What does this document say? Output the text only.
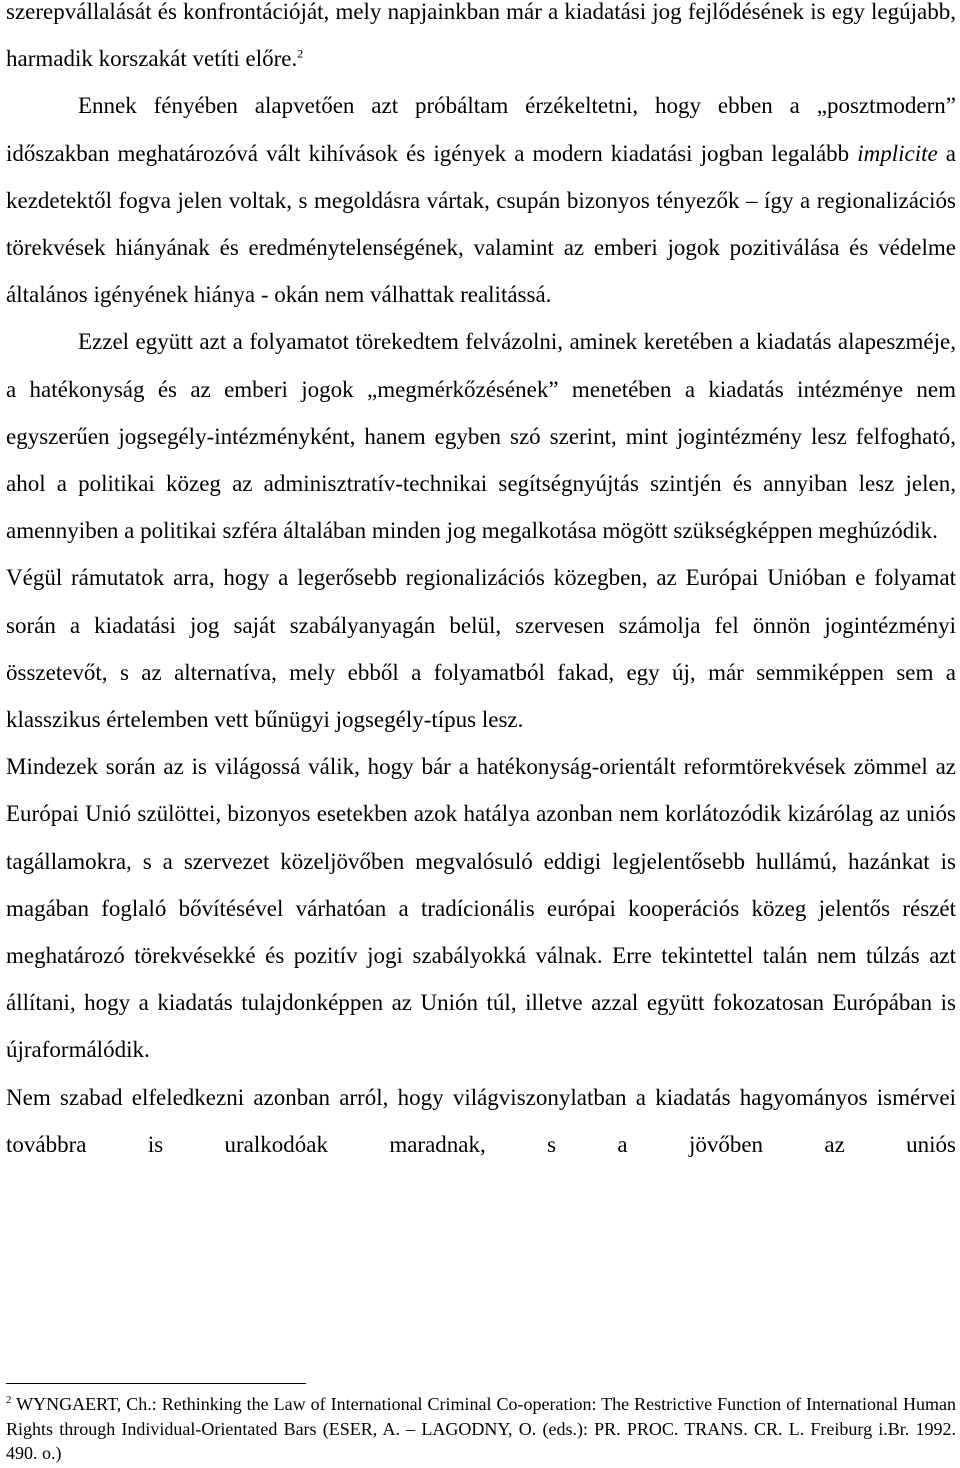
szerepvállalását és konfrontációját, mely napjainkban már a kiadatási jog fejlődésének is egy legújabb, harmadik korszakát vetíti előre.$^2$

Ennek fényében alapvetően azt próbáltam érzékeltetni, hogy ebben a „posztmodern” időszakban meghatározóvá vált kihívások és igények a modern kiadatási jogban legalább implicite a kezdetektől fogva jelen voltak, s megoldásra vártak, csupán bizonyos tényezők – így a regionalizációs törekvések hiányának és eredménytelenségének, valamint az emberi jogok pozitiválása és védelme általános igényének hiánya - okán nem válhattak realitássá.

Ezzel együtt azt a folyamatot törekedtem felvázolni, aminek keretében a kiadatás alapeszméje, a hatékonyság és az emberi jogok „megmérkőzésének” menetében a kiadatás intézménye nem egyszerűen jogsegély-intézményként, hanem egyben szó szerint, mint jogintézmény lesz felfogható, ahol a politikai közeg az adminisztratív-technikai segítségnyújtás szintjén és annyiban lesz jelen, amennyiben a politikai szféra általában minden jog megalkotása mögött szükségképpen meghúzódik.

Végül rámutatok arra, hogy a legerősebb regionalizációs közegben, az Európai Unióban e folyamat során a kiadatási jog saját szabályanyagán belül, szervesen számolja fel önnön jogintézményi összetevőt, s az alternatíva, mely ebből a folyamatból fakad, egy új, már semmiképpen sem a klasszikus értelemben vett bűnügyi jogsegély-típus lesz.

Mindezek során az is világossá válik, hogy bár a hatékonyság-orientált reformtörekvések zömmel az Európai Unió szülöttei, bizonyos esetekben azok hatálya azonban nem korlátozódik kizárólag az uniós tagállamokra, s a szervezet közeljövőben megvalósuló eddigi legjelentősebb hullámú, hazánkat is magában foglaló bővítésével várhatóan a tradícionális európai kooperációs közeg jelentős részét meghatározó törekvésekké és pozitív jogi szabályokká válnak. Erre tekintettel talán nem túlzás azt állítani, hogy a kiadatás tulajdonképpen az Unión túl, illetve azzal együtt fokozatosan Európában is újraformálódik.

Nem szabad elfeledkezni azonban arról, hogy világviszonylatban a kiadatás hagyományos ismérvei továbbra is uralkodóak maradnak, s a jövőben az uniós

$^2$ WYNGAERT, Ch.: Rethinking the Law of International Criminal Co-operation: The Restrictive Function of International Human Rights through Individual-Orientated Bars (ESER, A. – LAGODNY, O. (eds.): PR. PROC. TRANS. CR. L. Freiburg i.Br. 1992. 490. o.)
